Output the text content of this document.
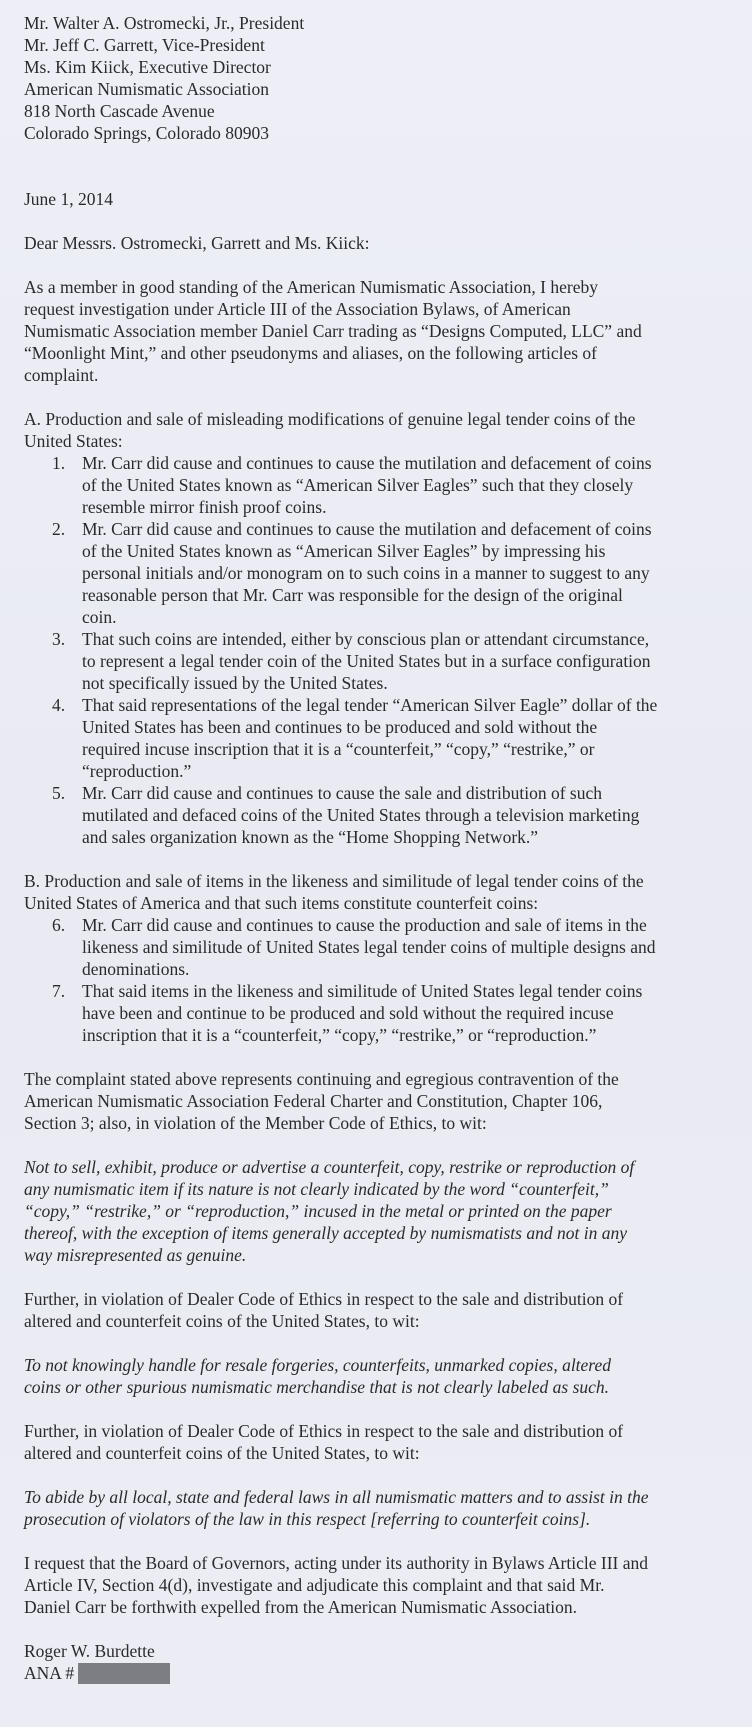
Mr. Walter A. Ostromecki, Jr., President
Mr. Jeff C. Garrett, Vice-President
Ms. Kim Kiick, Executive Director
American Numismatic Association
818 North Cascade Avenue
Colorado Springs, Colorado 80903
June 1, 2014
Dear Messrs. Ostromecki, Garrett and Ms. Kiick:
As a member in good standing of the American Numismatic Association, I hereby
request investigation under Article III of the Association Bylaws, of American
Numismatic Association member Daniel Carr trading as “Designs Computed, LLC” and
“Moonlight Mint,” and other pseudonyms and aliases, on the following articles of
complaint.
A. Production and sale of misleading modifications of genuine legal tender coins of the
United States:
1. Mr. Carr did cause and continues to cause the mutilation and defacement of coins
of the United States known as “American Silver Eagles” such that they closely
resemble mirror finish proof coins.
2. Mr. Carr did cause and continues to cause the mutilation and defacement of coins
of the United States known as “American Silver Eagles” by impressing his
personal initials and/or monogram on to such coins in a manner to suggest to any
reasonable person that Mr. Carr was responsible for the design of the original
coin.
3. That such coins are intended, either by conscious plan or attendant circumstance,
to represent a legal tender coin of the United States but in a surface configuration
not specifically issued by the United States.
4. That said representations of the legal tender “American Silver Eagle” dollar of the
United States has been and continues to be produced and sold without the
required incuse inscription that it is a “counterfeit,” “copy,” “restrike,” or
“reproduction.”
5. Mr. Carr did cause and continues to cause the sale and distribution of such
mutilated and defaced coins of the United States through a television marketing
and sales organization known as the “Home Shopping Network.”
B. Production and sale of items in the likeness and similitude of legal tender coins of the
United States of America and that such items constitute counterfeit coins:
6. Mr. Carr did cause and continues to cause the production and sale of items in the
likeness and similitude of United States legal tender coins of multiple designs and
denominations.
7. That said items in the likeness and similitude of United States legal tender coins
have been and continue to be produced and sold without the required incuse
inscription that it is a “counterfeit,” “copy,” “restrike,” or “reproduction.”
The complaint stated above represents continuing and egregious contravention of the
American Numismatic Association Federal Charter and Constitution, Chapter 106,
Section 3; also, in violation of the Member Code of Ethics, to wit:
Not to sell, exhibit, produce or advertise a counterfeit, copy, restrike or reproduction of
any numismatic item if its nature is not clearly indicated by the word “counterfeit,”
“copy,” “restrike,” or “reproduction,” incused in the metal or printed on the paper
thereof, with the exception of items generally accepted by numismatists and not in any
way misrepresented as genuine.
Further, in violation of Dealer Code of Ethics in respect to the sale and distribution of
altered and counterfeit coins of the United States, to wit:
To not knowingly handle for resale forgeries, counterfeits, unmarked copies, altered
coins or other spurious numismatic merchandise that is not clearly labeled as such.
Further, in violation of Dealer Code of Ethics in respect to the sale and distribution of
altered and counterfeit coins of the United States, to wit:
To abide by all local, state and federal laws in all numismatic matters and to assist in the
prosecution of violators of the law in this respect [referring to counterfeit coins].
I request that the Board of Governors, acting under its authority in Bylaws Article III and
Article IV, Section 4(d), investigate and adjudicate this complaint and that said Mr.
Daniel Carr be forthwith expelled from the American Numismatic Association.
Roger W. Burdette
ANA #
